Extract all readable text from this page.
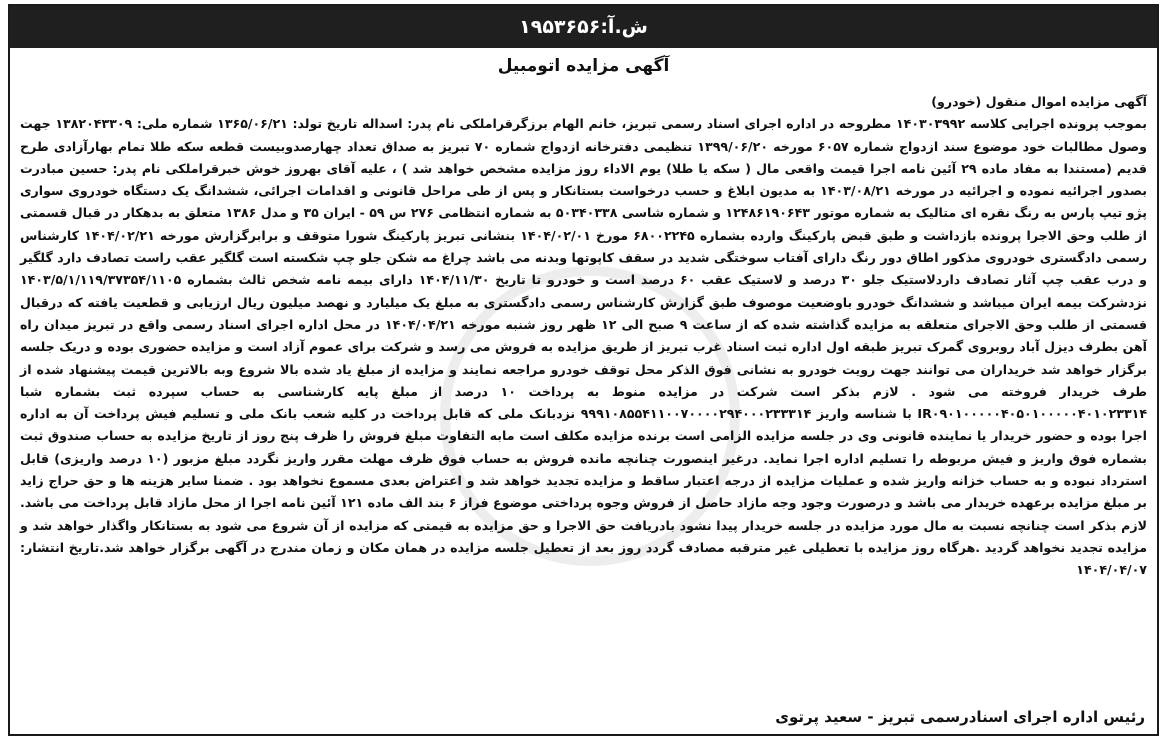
ش.آ:۱۹۵۳۶۵۶
آگهی مزایده اتومبیل

آگهی مزایده اموال منقول (خودرو)

بموجب پرونده اجرایی کلاسه ۱۴۰۳۰۳۹۹۲ مطروحه در اداره اجرای اسناد رسمی تبریز، خانم الهام برزگرقراملکی نام پدر: اسداله تاریخ تولد: ۱۳۶۵/۰۶/۲۱ شماره ملی: ۱۳۸۲۰۴۳۳۰۹ جهت وصول مطالبات خود موضوع سند ازدواج شماره ۶۰۵۷ مورخه ۱۳۹۹/۰۶/۲۰ تنظیمی دفترخانه ازدواج شماره ۷۰ تبریز به صداق تعداد چهارصدوبیست قطعه سکه طلا تمام بهارآزادی طرح قدیم (مستندا به مفاد ماده ۲۹ آئین نامه اجرا قیمت واقعی مال ( سکه یا طلا) یوم الاداء روز مزایده مشخص خواهد شد ) ، علیه آقای بهروز خوش خبرقراملکی نام پدر: حسین مبادرت بصدور اجرائیه نموده و اجرائیه در مورخه ۱۴۰۳/۰۸/۲۱ به مدیون ابلاغ و حسب درخواست بستانکار و پس از طی مراحل قانونی و اقدامات اجرائی، ششدانگ یک دستگاه خودروی سواری پژو تیپ پارس به رنگ نقره ای متالیک به شماره موتور ۱۲۴۸۶۱۹۰۶۴۳ و شماره شاسی ۵۰۳۴۰۳۳۸ به شماره انتظامی ۲۷۶ س ۵۹ - ایران ۳۵ و مدل ۱۳۸۶ متعلق به بدهکار در قبال قسمتی از طلب وحق الاجرا پرونده بازداشت و طبق قبض پارکینگ وارده بشماره ۶۸۰۰۲۲۴۵ مورخ ۱۴۰۴/۰۲/۰۱ بنشانی تبریز پارکینگ شورا متوقف و برابرگزارش مورخه ۱۴۰۴/۰۲/۲۱ کارشناس رسمی دادگستری خودروی مذکور اطاق دور رنگ دارای آفتاب سوختگی شدید در سقف کاپوتها وبدنه می باشد چراغ مه شکن جلو چپ شکسته است گلگیر عقب راست تصادف دارد گلگیر و درب عقب چپ آثار تصادف داردلاستیک جلو ۳۰ درصد و لاستیک عقب ۶۰ درصد است و خودرو تا تاریخ ۱۴۰۴/۱۱/۳۰ دارای بیمه نامه شخص ثالث بشماره ۱۴۰۳/۵/۱/۱۱۹/۳۷۳۵۴/۱۱۰۵ نزدشرکت بیمه ایران میباشد و ششدانگ خودرو باوضعیت موصوف طبق گزارش کارشناس رسمی دادگستری به مبلغ یک میلیارد و نهصد میلیون ریال ارزیابی و قطعیت یافته که درقبال قسمتی از طلب وحق الاجرای متعلقه به مزایده گذاشته شده که از ساعت ۹ صبح الی ۱۲ ظهر روز شنبه مورخه ۱۴۰۴/۰۴/۲۱ در محل اداره اجرای اسناد رسمی واقع در تبریز میدان راه آهن بطرف دیزل آباد روبروی گمرک تبریز طبقه اول اداره ثبت اسناد غرب تبریز از طریق مزایده به فروش می رسد و شرکت برای عموم آزاد است و مزایده حضوری بوده و دریک جلسه برگزار خواهد شد خریداران می توانند جهت رویت خودرو به نشانی فوق الذکر محل توقف خودرو مراجعه نمایند و مزایده از مبلغ یاد شده بالا شروع وبه بالاترین قیمت پیشنهاد شده از طرف خریدار فروخته می شود . لازم بذکر است شرکت در مزایده منوط به پرداخت ۱۰ درصد از مبلغ پایه کارشناسی به حساب سپرده ثبت بشماره شبا IR۰۹۰۱۰۰۰۰۰۴۰۵۰۱۰۰۰۰۰۴۰۱۰۲۳۳۱۴ با شناسه واریز ۹۹۹۱۰۸۵۵۴۱۱۰۰۷۰۰۰۰۲۹۴۰۰۰۲۳۳۳۱۴ نزدبانک ملی که قابل پرداخت در کلیه شعب بانک ملی و تسلیم فیش پرداخت آن به اداره اجرا بوده و حضور خریدار یا نماینده قانونی وی در جلسه مزایده الزامی است برنده مزایده مکلف است مابه التفاوت مبلغ فروش را ظرف پنج روز از تاریخ مزایده به حساب صندوق ثبت بشماره فوق واریز و فیش مربوطه را تسلیم اداره اجرا نماید. درغیر اینصورت چنانچه مانده فروش به حساب فوق ظرف مهلت مقرر واریز نگردد مبلغ مزبور (۱۰ درصد واریزی) قابل استرداد نبوده و به حساب خزانه واریز شده و عملیات مزایده از درجه اعتبار ساقط و مزایده تجدید خواهد شد و اعتراض بعدی مسموع نخواهد بود . ضمنا سایر هزینه ها و حق حراج زاید بر مبلغ مزایده برعهده خریدار می باشد و درصورت وجود وجه مازاد حاصل از فروش وجوه پرداختی موضوع فراز ۶ بند الف ماده ۱۲۱ آئین نامه اجرا از محل مازاد قابل پرداخت می باشد. لازم بذکر است چنانچه نسبت به مال مورد مزایده در جلسه خریدار پیدا نشود بادریافت حق الاجرا و حق مزایده به قیمتی که مزایده از آن شروع می شود به بستانکار واگذار خواهد شد و مزایده تجدید نخواهد گردید .هرگاه روز مزایده با تعطیلی غیر مترقبه مصادف گردد روز بعد از تعطیل جلسه مزایده در همان مکان و زمان مندرج در آگهی برگزار خواهد شد.تاریخ انتشار: ۱۴۰۴/۰۴/۰۷

رئیس اداره اجرای اسنادرسمی تبریز - سعید پرتوی
